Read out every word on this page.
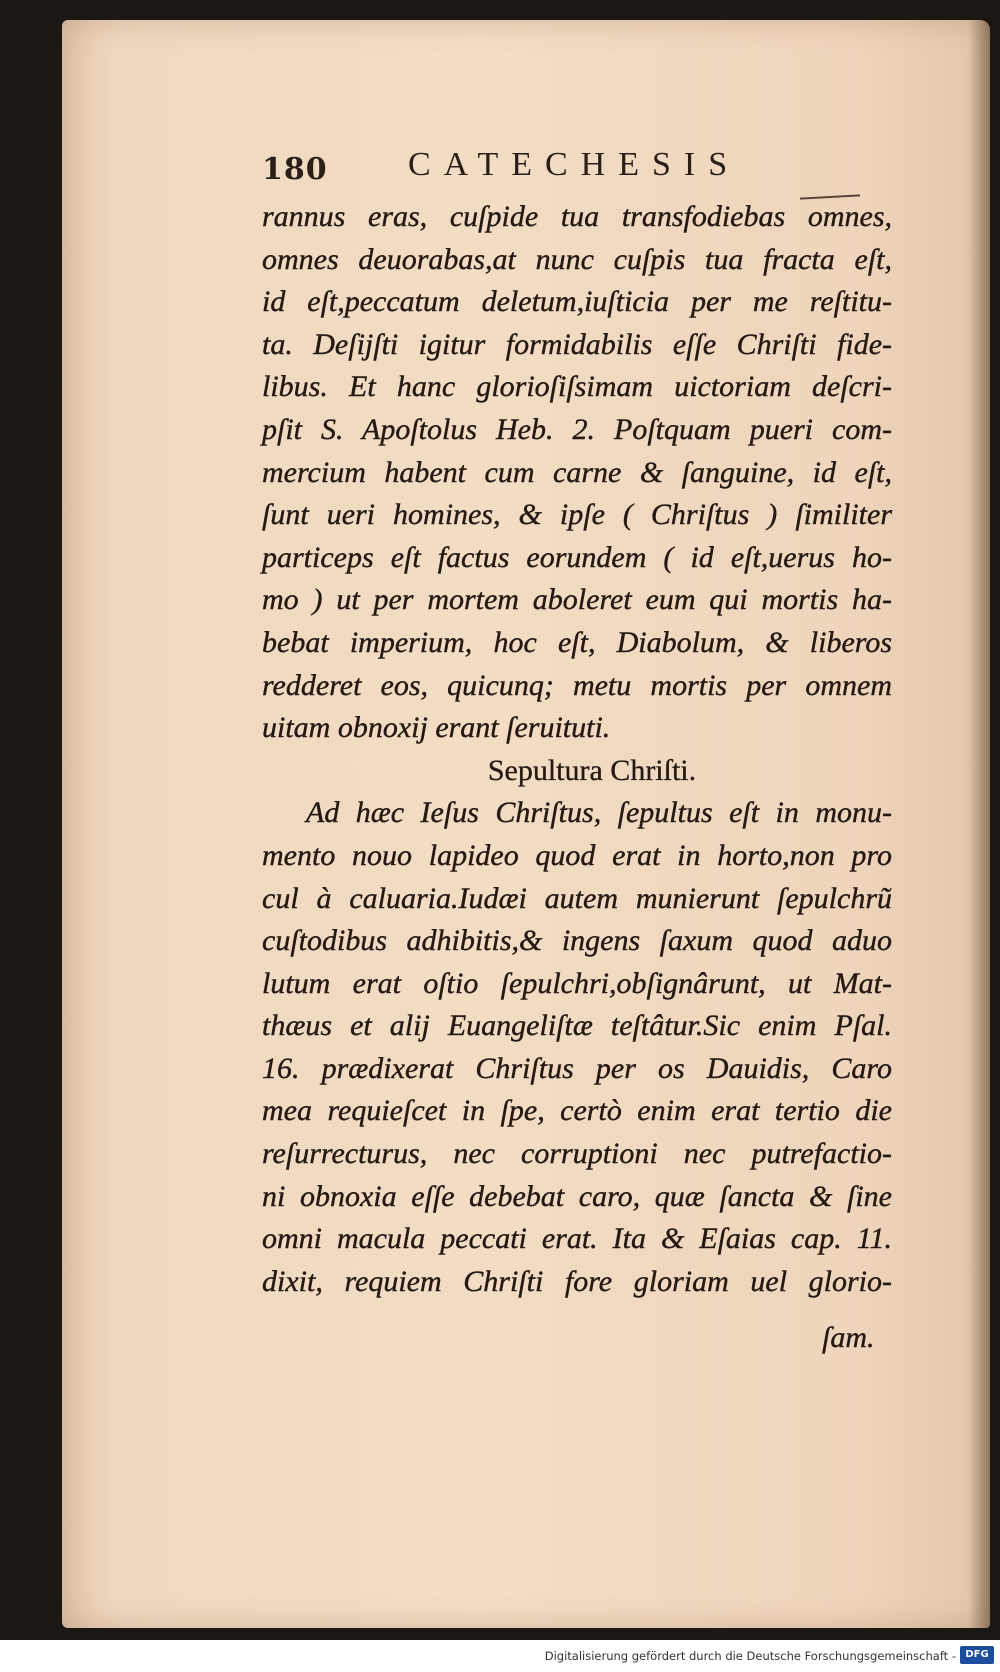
180 CATECHESIS
rannus eras, cuſpide tua transfodiebas omnes,
omnes deuorabas,at nunc cuſpis tua fracta eſt,
id eſt,peccatum deletum,iuſticia per me reſtitu-
ta. Deſijſti igitur formidabilis eſſe Chriſti fide-
libus. Et hanc glorioſiſsimam uictoriam deſcri-
pſit S. Apoſtolus Heb. 2. Poſtquam pueri com-
mercium habent cum carne & ſanguine, id eſt,
ſunt ueri homines, & ipſe ( Chriſtus ) ſimiliter
particeps eſt factus eorundem ( id eſt,uerus ho-
mo ) ut per mortem aboleret eum qui mortis ha-
bebat imperium, hoc eſt, Diabolum, & liberos
redderet eos, quicunq; metu mortis per omnem
uitam obnoxij erant ſeruituti.
Sepultura Chriſti.
Ad hæc Ieſus Chriſtus, ſepultus eſt in monu-
mento nouo lapideo quod erat in horto,non pro
cul à caluaria.Iudæi autem munierunt ſepulchrũ
cuſtodibus adhibitis,& ingens ſaxum quod aduo
lutum erat oſtio ſepulchri,obſignârunt, ut Mat-
thæus et alij Euangeliſtæ teſtâtur.Sic enim Pſal.
16. prædixerat Chriſtus per os Dauidis, Caro
mea requieſcet in ſpe, certò enim erat tertio die
reſurrecturus, nec corruptioni nec putrefactio-
ni obnoxia eſſe debebat caro, quæ ſancta & ſine
omni macula peccati erat. Ita & Eſaias cap. 11.
dixit, requiem Chriſti fore gloriam uel glorio-
ſam.
Digitalisierung gefördert durch die Deutsche Forschungsgemeinschaft - DFG
